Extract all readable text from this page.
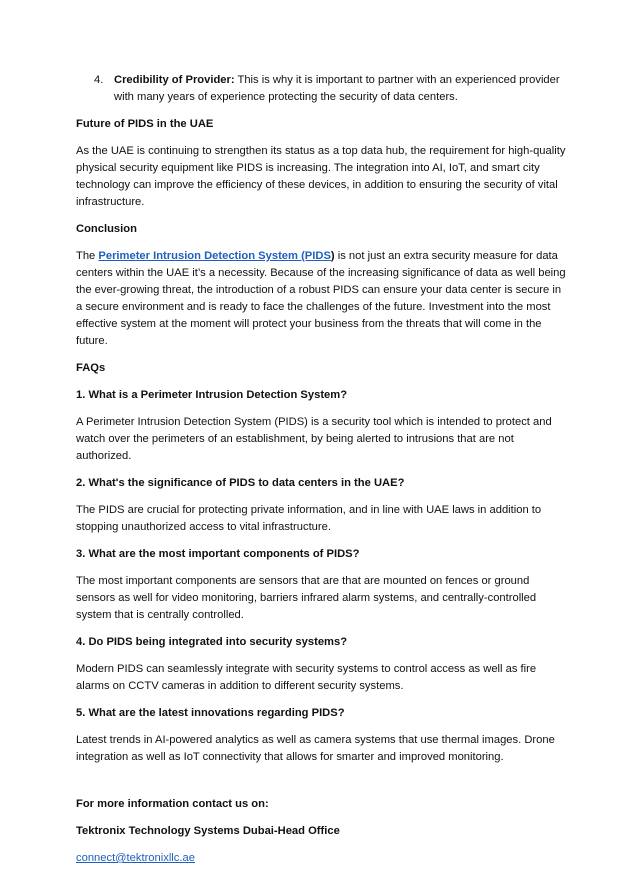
4. Credibility of Provider: This is why it is important to partner with an experienced provider with many years of experience protecting the security of data centers.
Future of PIDS in the UAE

As the UAE is continuing to strengthen its status as a top data hub, the requirement for high-quality physical security equipment like PIDS is increasing. The integration into AI, IoT, and smart city technology can improve the efficiency of these devices, in addition to ensuring the security of vital infrastructure.

Conclusion

The Perimeter Intrusion Detection System (PIDS) is not just an extra security measure for data centers within the UAE it’s a necessity. Because of the increasing significance of data as well being the ever-growing threat, the introduction of a robust PIDS can ensure your data center is secure in a secure environment and is ready to face the challenges of the future. Investment into the most effective system at the moment will protect your business from the threats that will come in the future.

FAQs
1. What is a Perimeter Intrusion Detection System?

A Perimeter Intrusion Detection System (PIDS) is a security tool which is intended to protect and watch over the perimeters of an establishment, by being alerted to intrusions that are not authorized.

2. What's the significance of PIDS to data centers in the UAE?

The PIDS are crucial for protecting private information, and in line with UAE laws in addition to stopping unauthorized access to vital infrastructure.

3. What are the most important components of PIDS?

The most important components are sensors that are that are mounted on fences or ground sensors as well for video monitoring, barriers infrared alarm systems, and centrally-controlled system that is centrally controlled.

4. Do PIDS being integrated into security systems?

Modern PIDS can seamlessly integrate with security systems to control access as well as fire alarms on CCTV cameras in addition to different security systems.

5. What are the latest innovations regarding PIDS?

Latest trends in AI-powered analytics as well as camera systems that use thermal images. Drone integration as well as IoT connectivity that allows for smarter and improved monitoring.

For more information contact us on:
Tektronix Technology Systems Dubai-Head Office

connect@tektronixllc.ae
